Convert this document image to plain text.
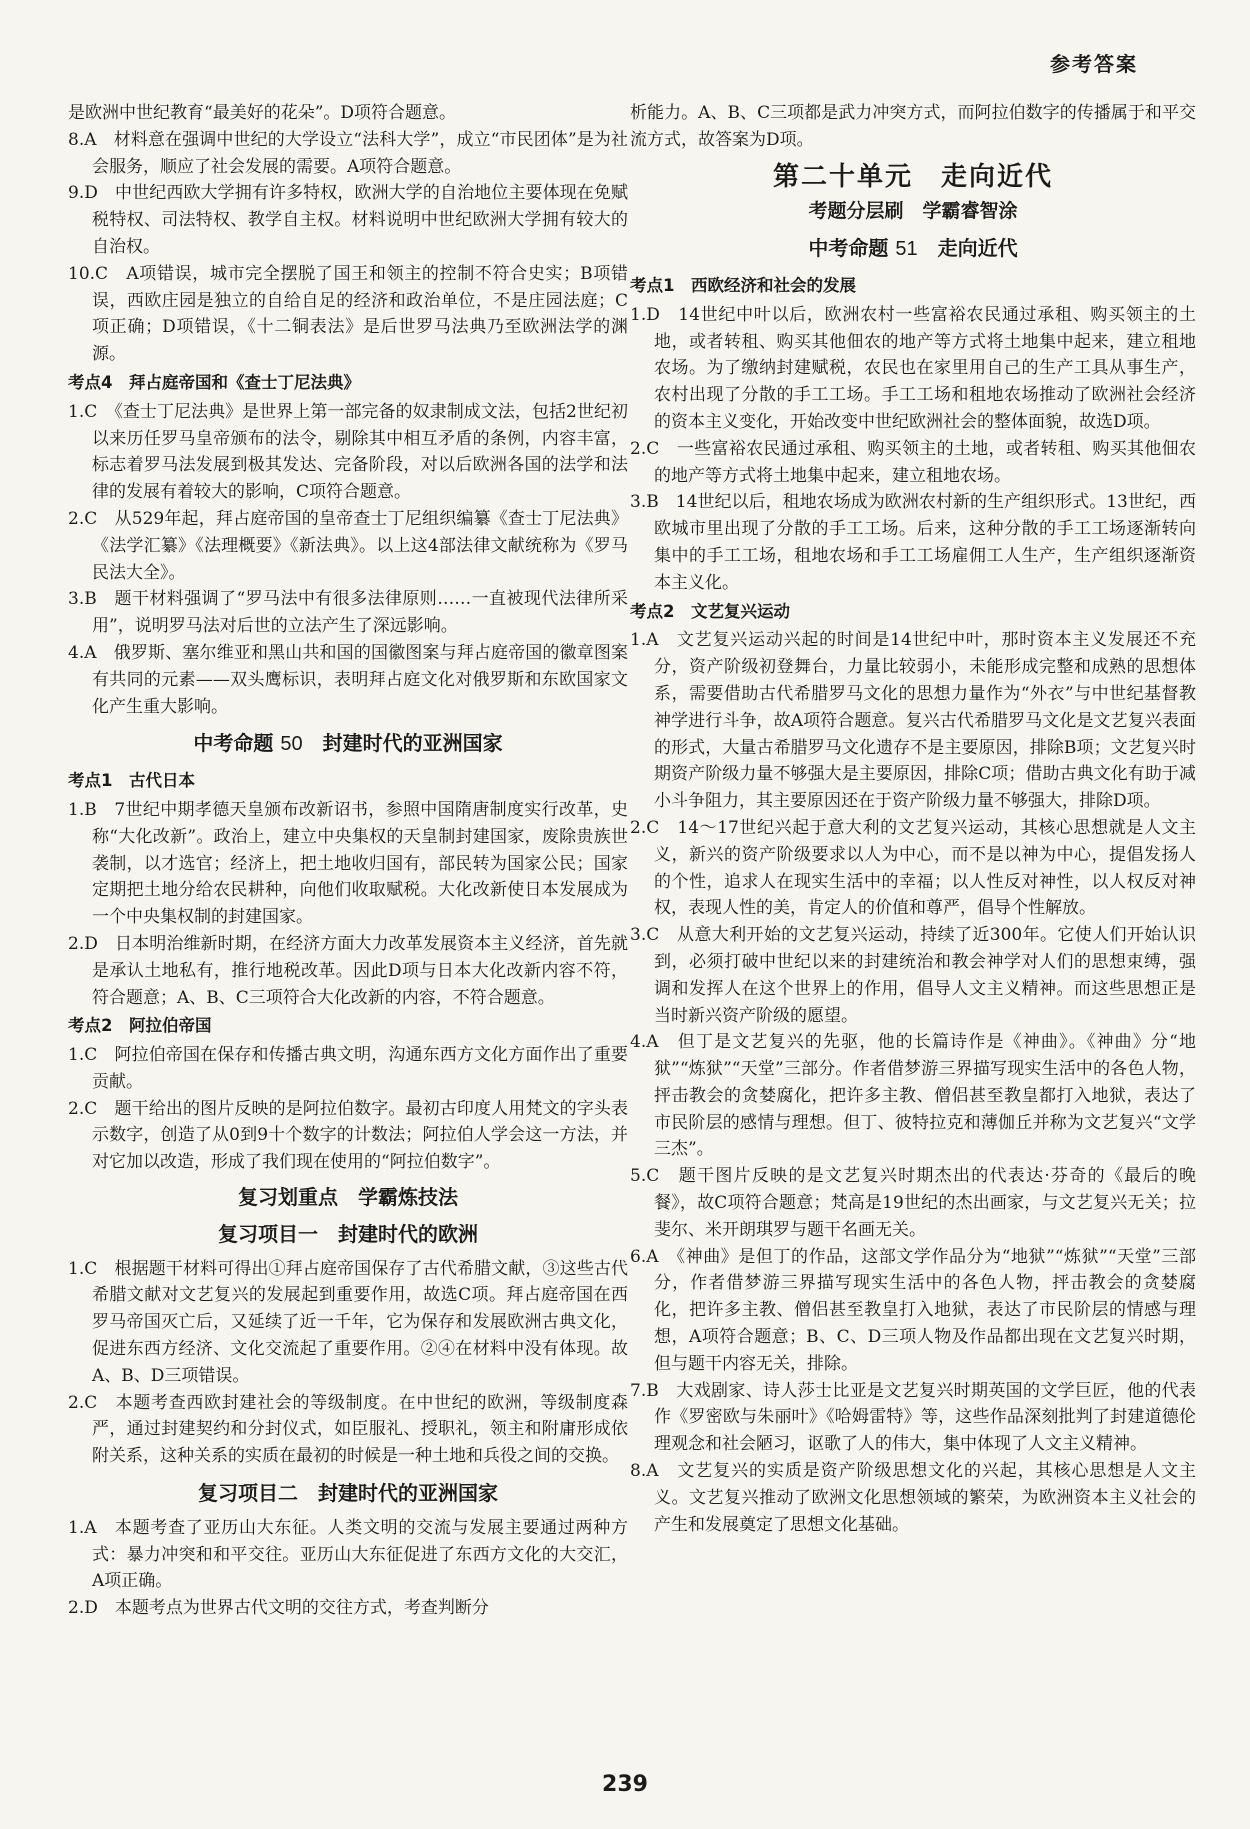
参考答案
是欧洲中世纪教育“最美好的花朵”。D项符合题意。
8.A　材料意在强调中世纪的大学设立“法科大学”，成立“市民团体”是为社会服务，顺应了社会发展的需要。A项符合题意。
9.D　中世纪西欧大学拥有许多特权，欧洲大学的自治地位主要体现在免赋税特权、司法特权、教学自主权。材料说明中世纪欧洲大学拥有较大的自治权。
10.C　A项错误，城市完全摆脱了国王和领主的控制不符合史实；B项错误，西欧庄园是独立的自给自足的经济和政治单位，不是庄园法庭；C项正确；D项错误，《十二铜表法》是后世罗马法典乃至欧洲法学的渊源。
考点4　拜占庭帝国和《查士丁尼法典》
1.C　《查士丁尼法典》是世界上第一部完备的奴隶制成文法，包括2世纪初以来历任罗马皇帝颁布的法令，剔除其中相互矛盾的条例，内容丰富，标志着罗马法发展到极其发达、完备阶段，对以后欧洲各国的法学和法律的发展有着较大的影响，C项符合题意。
2.C　从529年起，拜占庭帝国的皇帝查士丁尼组织编纂《查士丁尼法典》《法学汇纂》《法理概要》《新法典》。以上这4部法律文献统称为《罗马民法大全》。
3.B　题干材料强调了“罗马法中有很多法律原则……一直被现代法律所采用”，说明罗马法对后世的立法产生了深远影响。
4.A　俄罗斯、塞尔维亚和黑山共和国的国徽图案与拜占庭帝国的徽章图案有共同的元素——双头鹰标识，表明拜占庭文化对俄罗斯和东欧国家文化产生重大影响。
中考命题 50　 封建时代的亚洲国家
考点1　古代日本
1.B　7世纪中期孝德天皇颁布改新诏书，参照中国隋唐制度实行改革，史称“大化改新”。政治上，建立中央集权的天皇制封建国家，废除贵族世袭制，以才选官；经济上，把土地收归国有，部民转为国家公民；国家定期把土地分给农民耕种，向他们收取赋税。大化改新使日本发展成为一个中央集权制的封建国家。
2.D　日本明治维新时期，在经济方面大力改革发展资本主义经济，首先就是承认土地私有，推行地税改革。因此D项与日本大化改新内容不符，符合题意；A、B、C三项符合大化改新的内容，不符合题意。
考点2　阿拉伯帝国
1.C　阿拉伯帝国在保存和传播古典文明，沟通东西方文化方面作出了重要贡献。
2.C　题干给出的图片反映的是阿拉伯数字。最初古印度人用梵文的字头表示数字，创造了从0到9十个数字的计数法；阿拉伯人学会这一方法，并对它加以改造，形成了我们现在使用的“阿拉伯数字”。
复习划重点　学霸炼技法
复习项目一　封建时代的欧洲
1.C　根据题干材料可得出①拜占庭帝国保存了古代希腊文献，③这些古代希腊文献对文艺复兴的发展起到重要作用，故选C项。拜占庭帝国在西罗马帝国灭亡后，又延续了近一千年，它为保存和发展欧洲古典文化，促进东西方经济、文化交流起了重要作用。②④在材料中没有体现。故A、B、D三项错误。
2.C　本题考查西欧封建社会的等级制度。在中世纪的欧洲，等级制度森严，通过封建契约和分封仪式，如臣服礼、授职礼，领主和附庸形成依附关系，这种关系的实质在最初的时候是一种土地和兵役之间的交换。
复习项目二　封建时代的亚洲国家
1.A　本题考查了亚历山大东征。人类文明的交流与发展主要通过两种方式：暴力冲突和和平交往。亚历山大东征促进了东西方文化的大交汇，A项正确。
2.D　本题考点为世界古代文明的交往方式，考查判断分
析能力。A、B、C三项都是武力冲突方式，而阿拉伯数字的传播属于和平交流方式，故答案为D项。
第二十单元　走向近代
考题分层刷　学霸睿智涂
中考命题 51　 走向近代
考点1　西欧经济和社会的发展
1.D　14世纪中叶以后，欧洲农村一些富裕农民通过承租、购买领主的土地，或者转租、购买其他佃农的地产等方式将土地集中起来，建立租地农场。为了缴纳封建赋税，农民也在家里用自己的生产工具从事生产，农村出现了分散的手工工场。手工工场和租地农场推动了欧洲社会经济的资本主义变化，开始改变中世纪欧洲社会的整体面貌，故选D项。
2.C　一些富裕农民通过承租、购买领主的土地，或者转租、购买其他佃农的地产等方式将土地集中起来，建立租地农场。
3.B　14世纪以后，租地农场成为欧洲农村新的生产组织形式。13世纪，西欧城市里出现了分散的手工工场。后来，这种分散的手工工场逐渐转向集中的手工工场，租地农场和手工工场雇佣工人生产，生产组织逐渐资本主义化。
考点2　文艺复兴运动
1.A　文艺复兴运动兴起的时间是14世纪中叶，那时资本主义发展还不充分，资产阶级初登舞台，力量比较弱小，未能形成完整和成熟的思想体系，需要借助古代希腊罗马文化的思想力量作为“外衣”与中世纪基督教神学进行斗争，故A项符合题意。复兴古代希腊罗马文化是文艺复兴表面的形式，大量古希腊罗马文化遗存不是主要原因，排除B项；文艺复兴时期资产阶级力量不够强大是主要原因，排除C项；借助古典文化有助于减小斗争阻力，其主要原因还在于资产阶级力量不够强大，排除D项。
2.C　14～17世纪兴起于意大利的文艺复兴运动，其核心思想就是人文主义，新兴的资产阶级要求以人为中心，而不是以神为中心，提倡发扬人的个性，追求人在现实生活中的幸福；以人性反对神性，以人权反对神权，表现人性的美，肯定人的价值和尊严，倡导个性解放。
3.C　从意大利开始的文艺复兴运动，持续了近300年。它使人们开始认识到，必须打破中世纪以来的封建统治和教会神学对人们的思想束缚，强调和发挥人在这个世界上的作用，倡导人文主义精神。而这些思想正是当时新兴资产阶级的愿望。
4.A　但丁是文艺复兴的先驱，他的长篇诗作是《神曲》。《神曲》分“地狱”“炼狱”“天堂”三部分。作者借梦游三界描写现实生活中的各色人物，抨击教会的贪婪腐化，把许多主教、僧侣甚至教皇都打入地狱，表达了市民阶层的感情与理想。但丁、彼特拉克和薄伽丘并称为文艺复兴“文学三杰”。
5.C　题干图片反映的是文艺复兴时期杰出的代表达·芬奇的《最后的晚餐》，故C项符合题意；梵高是19世纪的杰出画家，与文艺复兴无关；拉斐尔、米开朗琪罗与题干名画无关。
6.A　《神曲》是但丁的作品，这部文学作品分为“地狱”“炼狱”“天堂”三部分，作者借梦游三界描写现实生活中的各色人物，抨击教会的贪婪腐化，把许多主教、僧侣甚至教皇打入地狱，表达了市民阶层的情感与理想，A项符合题意；B、C、D三项人物及作品都出现在文艺复兴时期，但与题干内容无关，排除。
7.B　大戏剧家、诗人莎士比亚是文艺复兴时期英国的文学巨匠，他的代表作《罗密欧与朱丽叶》《哈姆雷特》等，这些作品深刻批判了封建道德伦理观念和社会陋习，讴歌了人的伟大，集中体现了人文主义精神。
8.A　文艺复兴的实质是资产阶级思想文化的兴起，其核心思想是人文主义。文艺复兴推动了欧洲文化思想领域的繁荣，为欧洲资本主义社会的产生和发展奠定了思想文化基础。
239
